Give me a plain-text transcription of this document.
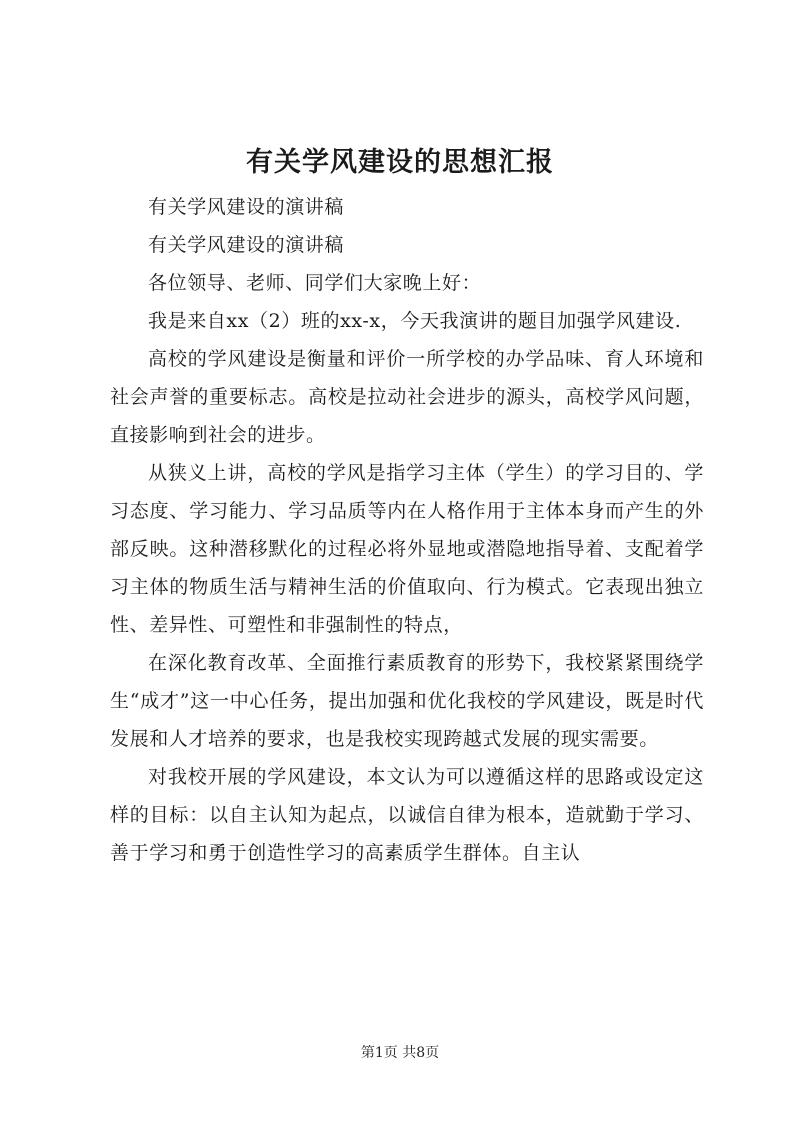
有关学风建设的思想汇报

有关学风建设的演讲稿

有关学风建设的演讲稿

各位领导、老师、同学们大家晚上好：

我是来自xx（2）班的xx-x，今天我演讲的题目加强学风建设.

高校的学风建设是衡量和评价一所学校的办学品味、育人环境和社会声誉的重要标志。高校是拉动社会进步的源头，高校学风问题，直接影响到社会的进步。

从狭义上讲，高校的学风是指学习主体（学生）的学习目的、学习态度、学习能力、学习品质等内在人格作用于主体本身而产生的外部反映。这种潜移默化的过程必将外显地或潜隐地指导着、支配着学习主体的物质生活与精神生活的价值取向、行为模式。它表现出独立性、差异性、可塑性和非强制性的特点，

在深化教育改革、全面推行素质教育的形势下，我校紧紧围绕学生“成才”这一中心任务，提出加强和优化我校的学风建设，既是时代发展和人才培养的要求，也是我校实现跨越式发展的现实需要。

对我校开展的学风建设，本文认为可以遵循这样的思路或设定这样的目标：以自主认知为起点，以诚信自律为根本，造就勤于学习、善于学习和勇于创造性学习的高素质学生群体。自主认

第1页 共8页
